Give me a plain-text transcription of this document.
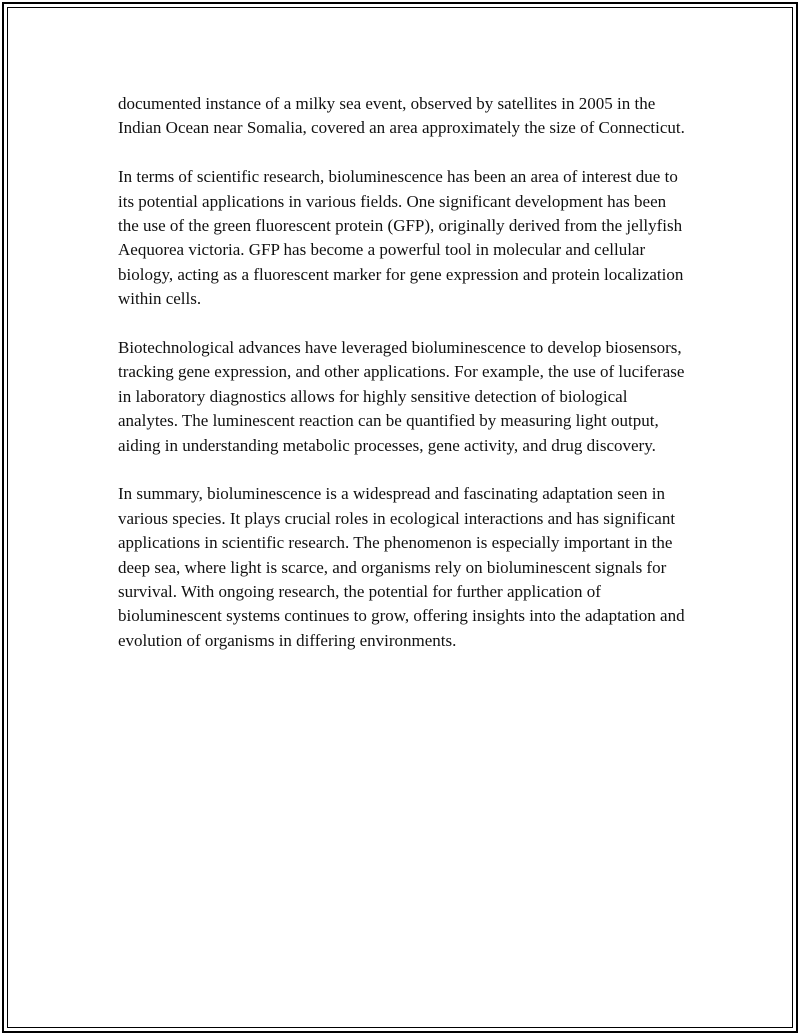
documented instance of a milky sea event, observed by satellites in 2005 in the Indian Ocean near Somalia, covered an area approximately the size of Connecticut.

In terms of scientific research, bioluminescence has been an area of interest due to its potential applications in various fields. One significant development has been the use of the green fluorescent protein (GFP), originally derived from the jellyfish Aequorea victoria. GFP has become a powerful tool in molecular and cellular biology, acting as a fluorescent marker for gene expression and protein localization within cells.

Biotechnological advances have leveraged bioluminescence to develop biosensors, tracking gene expression, and other applications. For example, the use of luciferase in laboratory diagnostics allows for highly sensitive detection of biological analytes. The luminescent reaction can be quantified by measuring light output, aiding in understanding metabolic processes, gene activity, and drug discovery.

In summary, bioluminescence is a widespread and fascinating adaptation seen in various species. It plays crucial roles in ecological interactions and has significant applications in scientific research. The phenomenon is especially important in the deep sea, where light is scarce, and organisms rely on bioluminescent signals for survival. With ongoing research, the potential for further application of bioluminescent systems continues to grow, offering insights into the adaptation and evolution of organisms in differing environments.
